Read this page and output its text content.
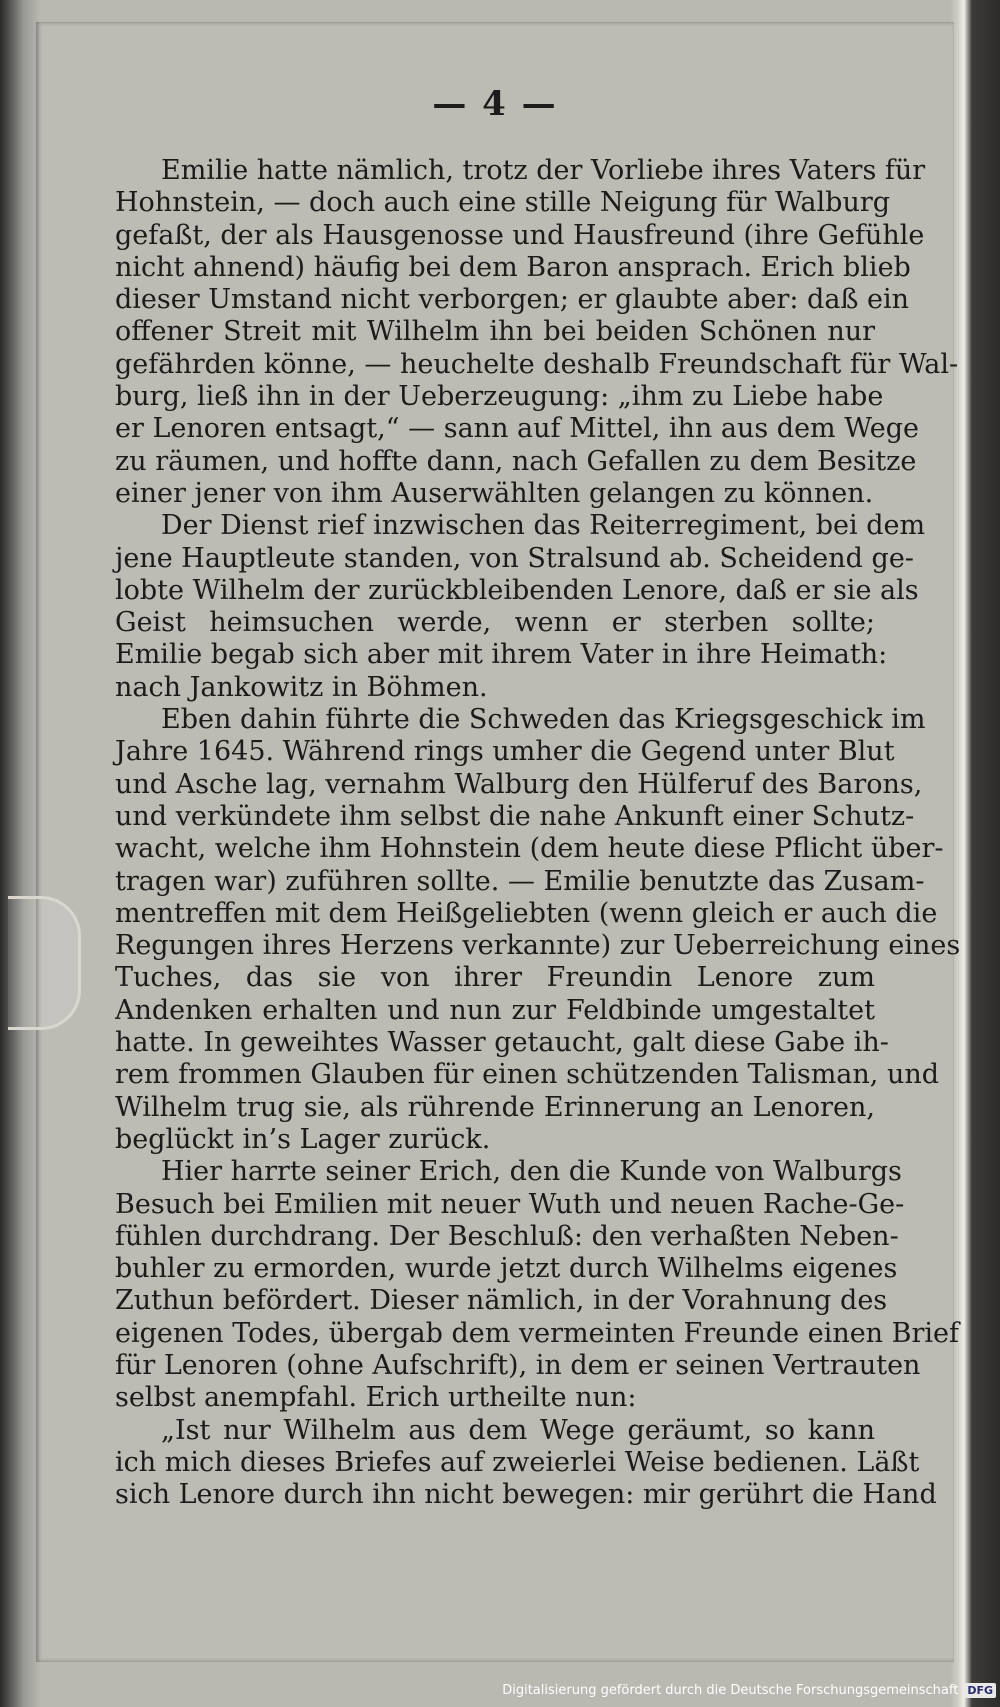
— 4 —
Emilie hatte nämlich, trotz der Vorliebe ihres Vaters für
Hohnstein, — doch auch eine stille Neigung für Walburg
gefaßt, der als Hausgenosse und Hausfreund (ihre Gefühle
nicht ahnend) häufig bei dem Baron ansprach. Erich blieb
dieser Umstand nicht verborgen; er glaubte aber: daß ein
offener Streit mit Wilhelm ihn bei beiden Schönen nur
gefährden könne, — heuchelte deshalb Freundschaft für Wal-
burg, ließ ihn in der Ueberzeugung: „ihm zu Liebe habe
er Lenoren entsagt,“ — sann auf Mittel, ihn aus dem Wege
zu räumen, und hoffte dann, nach Gefallen zu dem Besitze
einer jener von ihm Auserwählten gelangen zu können.
Der Dienst rief inzwischen das Reiterregiment, bei dem
jene Hauptleute standen, von Stralsund ab. Scheidend ge-
lobte Wilhelm der zurückbleibenden Lenore, daß er sie als
Geist heimsuchen werde, wenn er sterben sollte;
Emilie begab sich aber mit ihrem Vater in ihre Heimath:
nach Jankowitz in Böhmen.
Eben dahin führte die Schweden das Kriegsgeschick im
Jahre 1645. Während rings umher die Gegend unter Blut
und Asche lag, vernahm Walburg den Hülferuf des Barons,
und verkündete ihm selbst die nahe Ankunft einer Schutz-
wacht, welche ihm Hohnstein (dem heute diese Pflicht über-
tragen war) zuführen sollte. — Emilie benutzte das Zusam-
mentreffen mit dem Heißgeliebten (wenn gleich er auch die
Regungen ihres Herzens verkannte) zur Ueberreichung eines
Tuches, das sie von ihrer Freundin Lenore zum
Andenken erhalten und nun zur Feldbinde umgestaltet
hatte. In geweihtes Wasser getaucht, galt diese Gabe ih-
rem frommen Glauben für einen schützenden Talisman, und
Wilhelm trug sie, als rührende Erinnerung an Lenoren,
beglückt in’s Lager zurück.
Hier harrte seiner Erich, den die Kunde von Walburgs
Besuch bei Emilien mit neuer Wuth und neuen Rache-Ge-
fühlen durchdrang. Der Beschluß: den verhaßten Neben-
buhler zu ermorden, wurde jetzt durch Wilhelms eigenes
Zuthun befördert. Dieser nämlich, in der Vorahnung des
eigenen Todes, übergab dem vermeinten Freunde einen Brief
für Lenoren (ohne Aufschrift), in dem er seinen Vertrauten
selbst anempfahl. Erich urtheilte nun:
„Ist nur Wilhelm aus dem Wege geräumt, so kann
ich mich dieses Briefes auf zweierlei Weise bedienen. Läßt
sich Lenore durch ihn nicht bewegen: mir gerührt die Hand
Digitalisierung gefördert durch die Deutsche Forschungsgemeinschaft DFG
